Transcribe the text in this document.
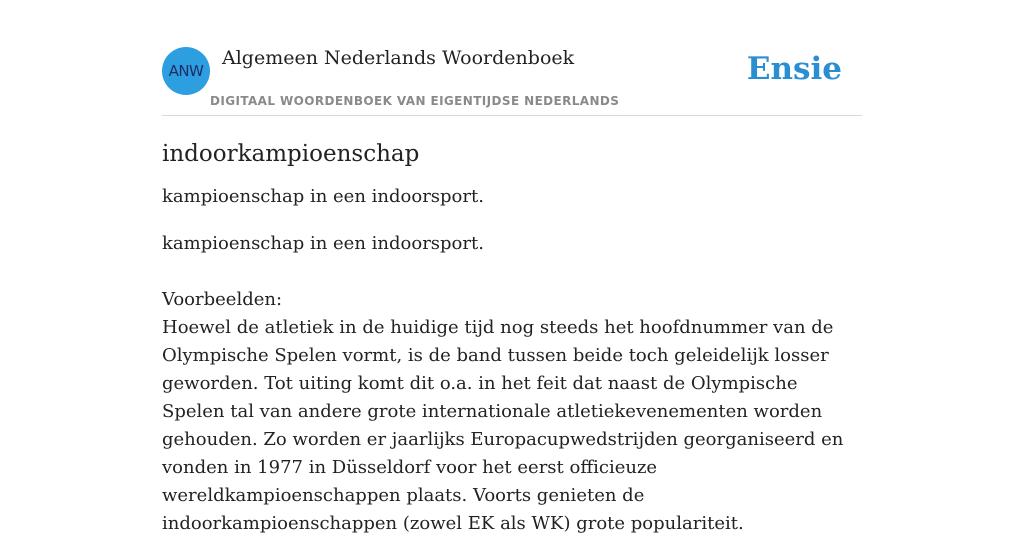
ANW
Algemeen Nederlands Woordenboek
DIGITAAL WOORDENBOEK VAN EIGENTIJDSE NEDERLANDS
Ensie
indoorkampioenschap

kampioenschap in een indoorsport.

kampioenschap in een indoorsport.

Voorbeelden:

Hoewel de atletiek in de huidige tijd nog steeds het hoofdnummer van de Olympische Spelen vormt, is de band tussen beide toch geleidelijk losser geworden. Tot uiting komt dit o.a. in het feit dat naast de Olympische Spelen tal van andere grote internationale atletiekevenementen worden gehouden. Zo worden er jaarlijks Europacupwedstrijden georganiseerd en vonden in 1977 in Düsseldorf voor het eerst officieuze wereldkampioenschappen plaats. Voorts genieten de indoorkampioenschappen (zowel EK als WK) grote populariteit.
